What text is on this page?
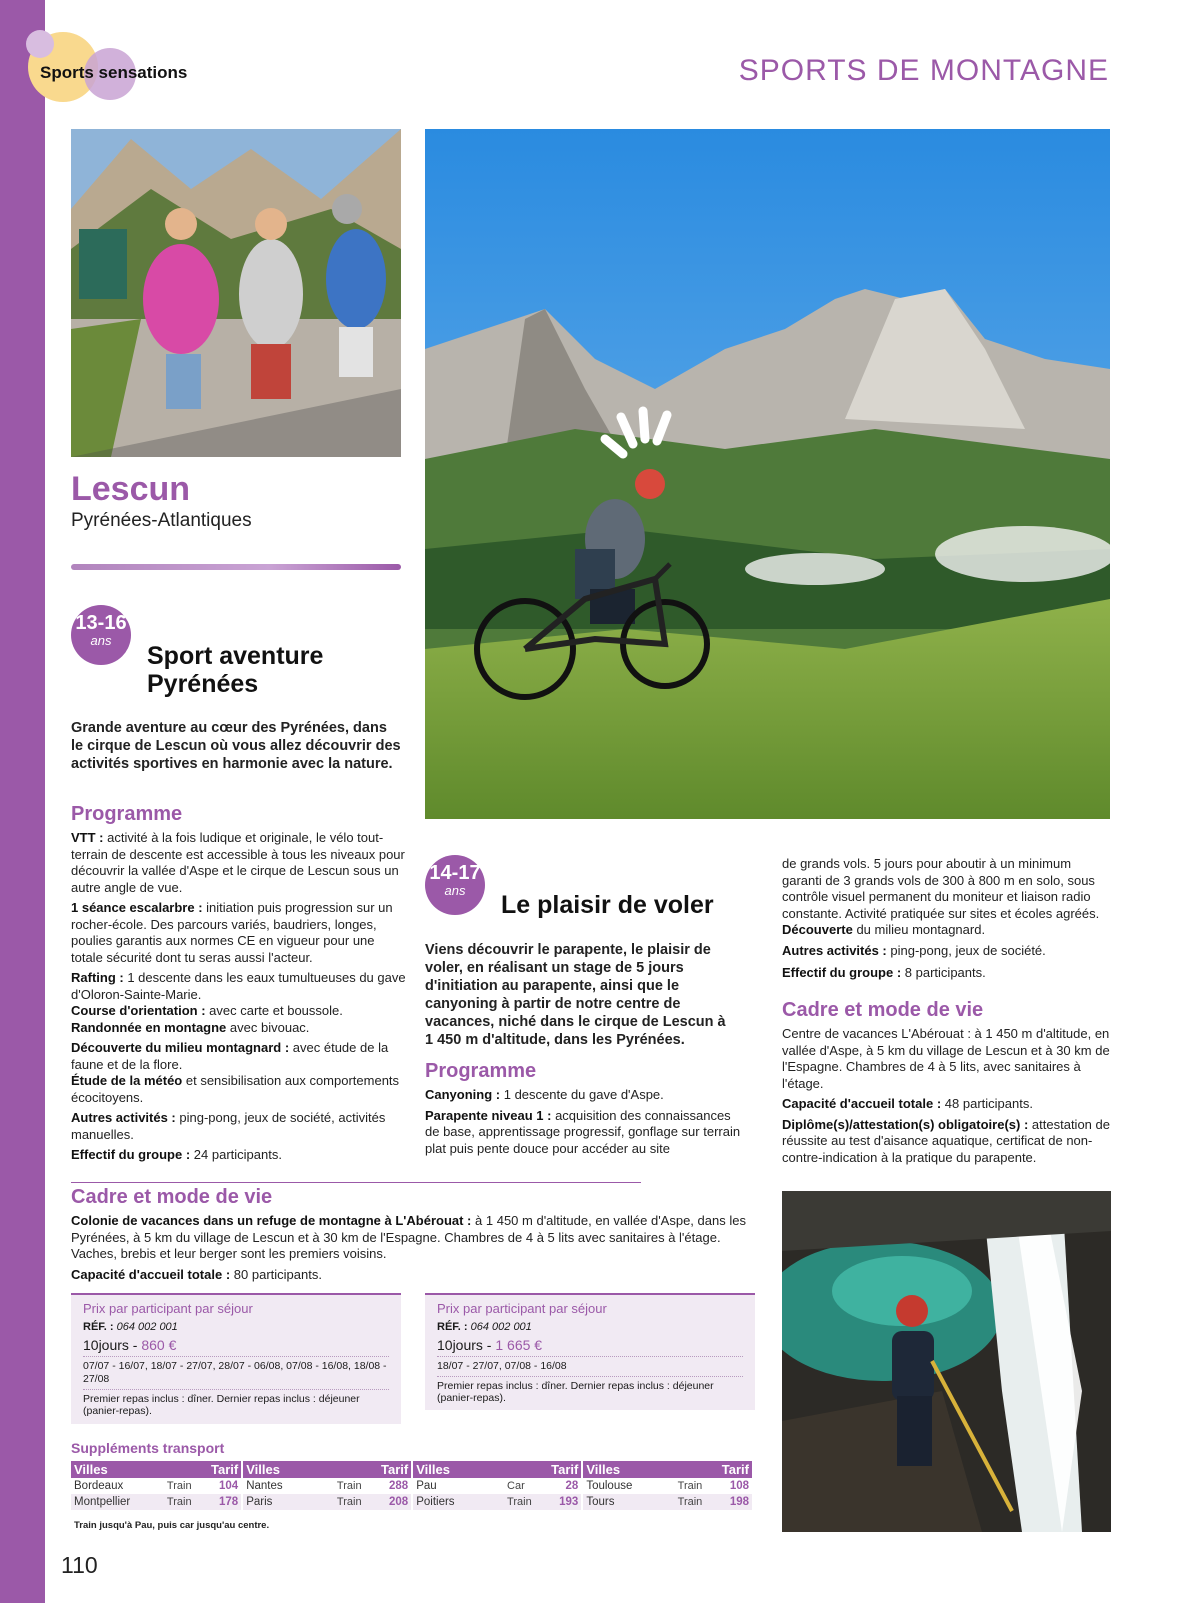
Sports sensations	SPORTS DE MONTAGNE
Lescun
Pyrénées-Atlantiques
13-16
ans
Sport aventure
Pyrénées
Grande aventure au cœur des Pyrénées, dans le cirque de Lescun où vous allez découvrir des activités sportives en harmonie avec la nature.
Programme

VTT : activité à la fois ludique et originale, le vélo tout-terrain de descente est accessible à tous les niveaux pour découvrir la vallée d'Aspe et le cirque de Lescun sous un autre angle de vue.

1 séance escalarbre : initiation puis progression sur un rocher-école. Des parcours variés, baudriers, longes, poulies garantis aux normes CE en vigueur pour une totale sécurité dont tu seras aussi l'acteur.

Rafting : 1 descente dans les eaux tumultueuses du gave d'Oloron-Sainte-Marie.

Course d'orientation : avec carte et boussole.

Randonnée en montagne avec bivouac.

Découverte du milieu montagnard : avec étude de la faune et de la flore.

Étude de la météo et sensibilisation aux comportements écocitoyens.

Autres activités : ping-pong, jeux de société, activités manuelles.

Effectif du groupe : 24 participants.

Cadre et mode de vie

Colonie de vacances dans un refuge de montagne à L'Abérouat : à 1 450 m d'altitude, en vallée d'Aspe, dans les Pyrénées, à 5 km du village de Lescun et à 30 km de l'Espagne. Chambres de 4 à 5 lits avec sanitaires à l'étage. Vaches, brebis et leur berger sont les premiers voisins.

Capacité d'accueil totale : 80 participants.

Prix par participant par séjour
RÉF. : 064 002 001
10jours - 860 €
07/07 - 16/07, 18/07 - 27/07, 28/07 - 06/08, 07/08 - 16/08, 18/08 - 27/08
Premier repas inclus : dîner. Dernier repas inclus : déjeuner (panier-repas).
14-17
ans
Le plaisir de voler
Viens découvrir le parapente, le plaisir de voler, en réalisant un stage de 5 jours d'initiation au parapente, ainsi que le canyoning à partir de notre centre de vacances, niché dans le cirque de Lescun à 1 450 m d'altitude, dans les Pyrénées.
Programme

Canyoning : 1 descente du gave d'Aspe.

Parapente niveau 1 : acquisition des connaissances de base, apprentissage progressif, gonflage sur terrain plat puis pente douce pour accéder au site

de grands vols. 5 jours pour aboutir à un minimum garanti de 3 grands vols de 300 à 800 m en solo, sous contrôle visuel permanent du moniteur et liaison radio constante. Activité pratiquée sur sites et écoles agréés.

Découverte du milieu montagnard.

Autres activités : ping-pong, jeux de société.

Effectif du groupe : 8 participants.

Cadre et mode de vie

Centre de vacances L'Abérouat : à 1 450 m d'altitude, en vallée d'Aspe, à 5 km du village de Lescun et à 30 km de l'Espagne. Chambres de 4 à 5 lits, avec sanitaires à l'étage.

Capacité d'accueil totale : 48 participants.

Diplôme(s)/attestation(s) obligatoire(s) : attestation de réussite au test d'aisance aquatique, certificat de non-contre-indication à la pratique du parapente.

Prix par participant par séjour
RÉF. : 064 002 001
10jours - 1 665 €
18/07 - 27/07, 07/08 - 16/08
Premier repas inclus : dîner. Dernier repas inclus : déjeuner (panier-repas).
Suppléments transport
Villes		Tarif	Villes		Tarif	Villes		Tarif	Villes		Tarif
Bordeaux	Train	104	Nantes	Train	288	Pau	Car	28	Toulouse	Train	108
Montpellier	Train	178	Paris	Train	208	Poitiers	Train	193	Tours	Train	198
Train jusqu'à Pau, puis car jusqu'au centre.
110
